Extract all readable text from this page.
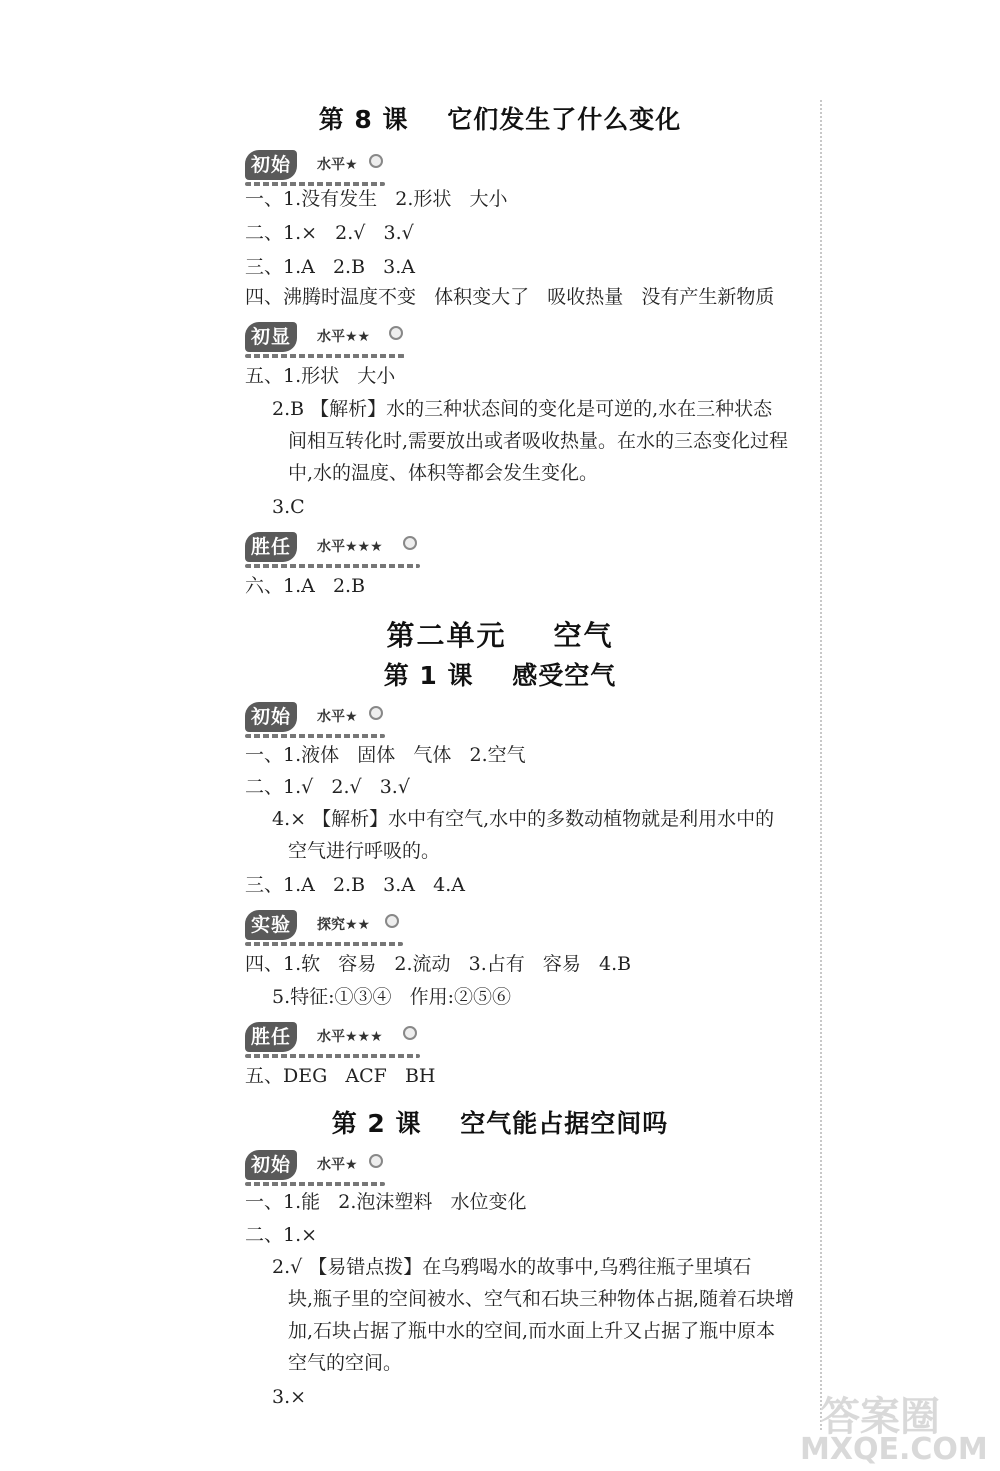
第 8 课    它们发生了什么变化
初始	水平★
一、1.没有发生   2.形状   大小
二、1.×   2.√   3.√
三、1.A   2.B   3.A
四、沸腾时温度不变   体积变大了   吸收热量   没有产生新物质
初显	水平★★
五、1.形状   大小
2.B 【解析】水的三种状态间的变化是可逆的,水在三种状态
间相互转化时,需要放出或者吸收热量。在水的三态变化过程
中,水的温度、体积等都会发生变化。
3.C
胜任	水平★★★
六、1.A   2.B
第二单元    空气
第 1 课    感受空气
初始	水平★
一、1.液体   固体   气体   2.空气
二、1.√   2.√   3.√
4.× 【解析】水中有空气,水中的多数动植物就是利用水中的
空气进行呼吸的。
三、1.A   2.B   3.A   4.A
实验	探究★★
四、1.软   容易   2.流动   3.占有   容易   4.B
5.特征:①③④   作用:②⑤⑥
胜任	水平★★★
五、DEG   ACF   BH
第 2 课    空气能占据空间吗
初始	水平★
一、1.能   2.泡沫塑料   水位变化
二、1.×
2.√ 【易错点拨】在乌鸦喝水的故事中,乌鸦往瓶子里填石
块,瓶子里的空间被水、空气和石块三种物体占据,随着石块增
加,石块占据了瓶中水的空间,而水面上升又占据了瓶中原本
空气的空间。
3.×	答案圈
MXQE.COM
